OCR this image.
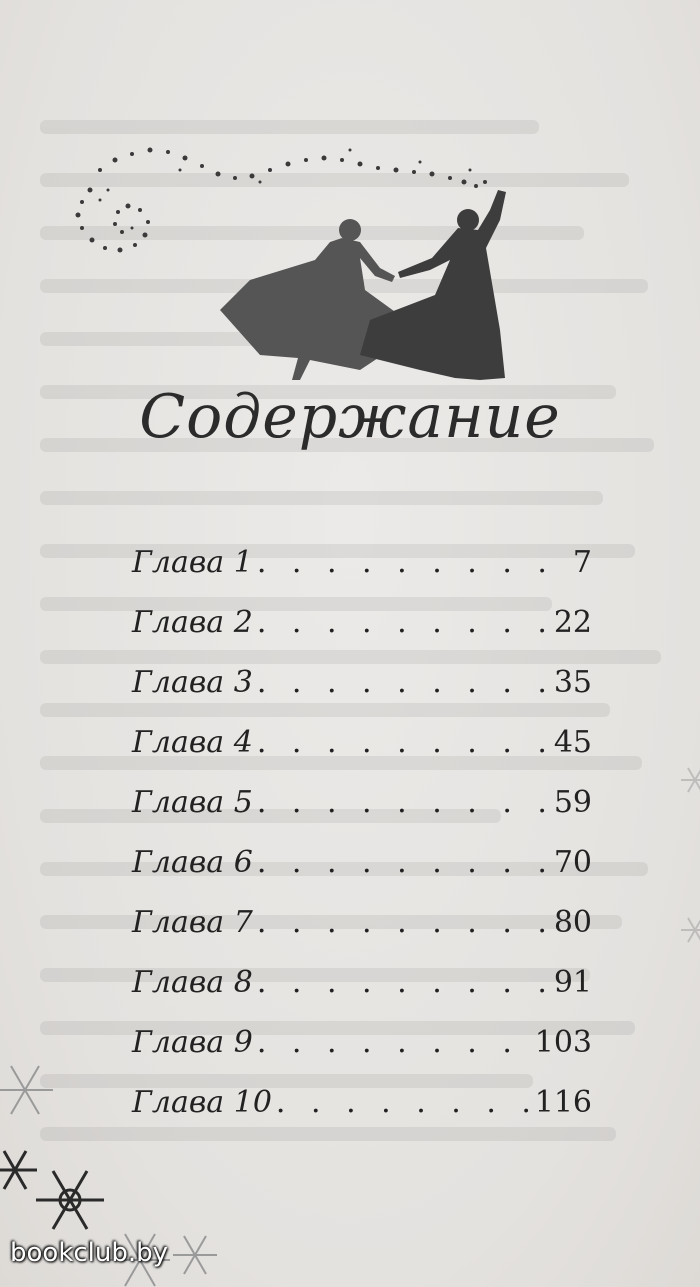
Содержание
Глава 1 . . .	7
Глава 2 . . .	22
Глава 3 . . .	35
Глава 4 . . .	45
Глава 5 . . .	59
Глава 6 . . .	70
Глава 7 . . .	80
Глава 8 . . .	91
Глава 9 . . .	103
Глава 10 . . .	116
bookclub.by
